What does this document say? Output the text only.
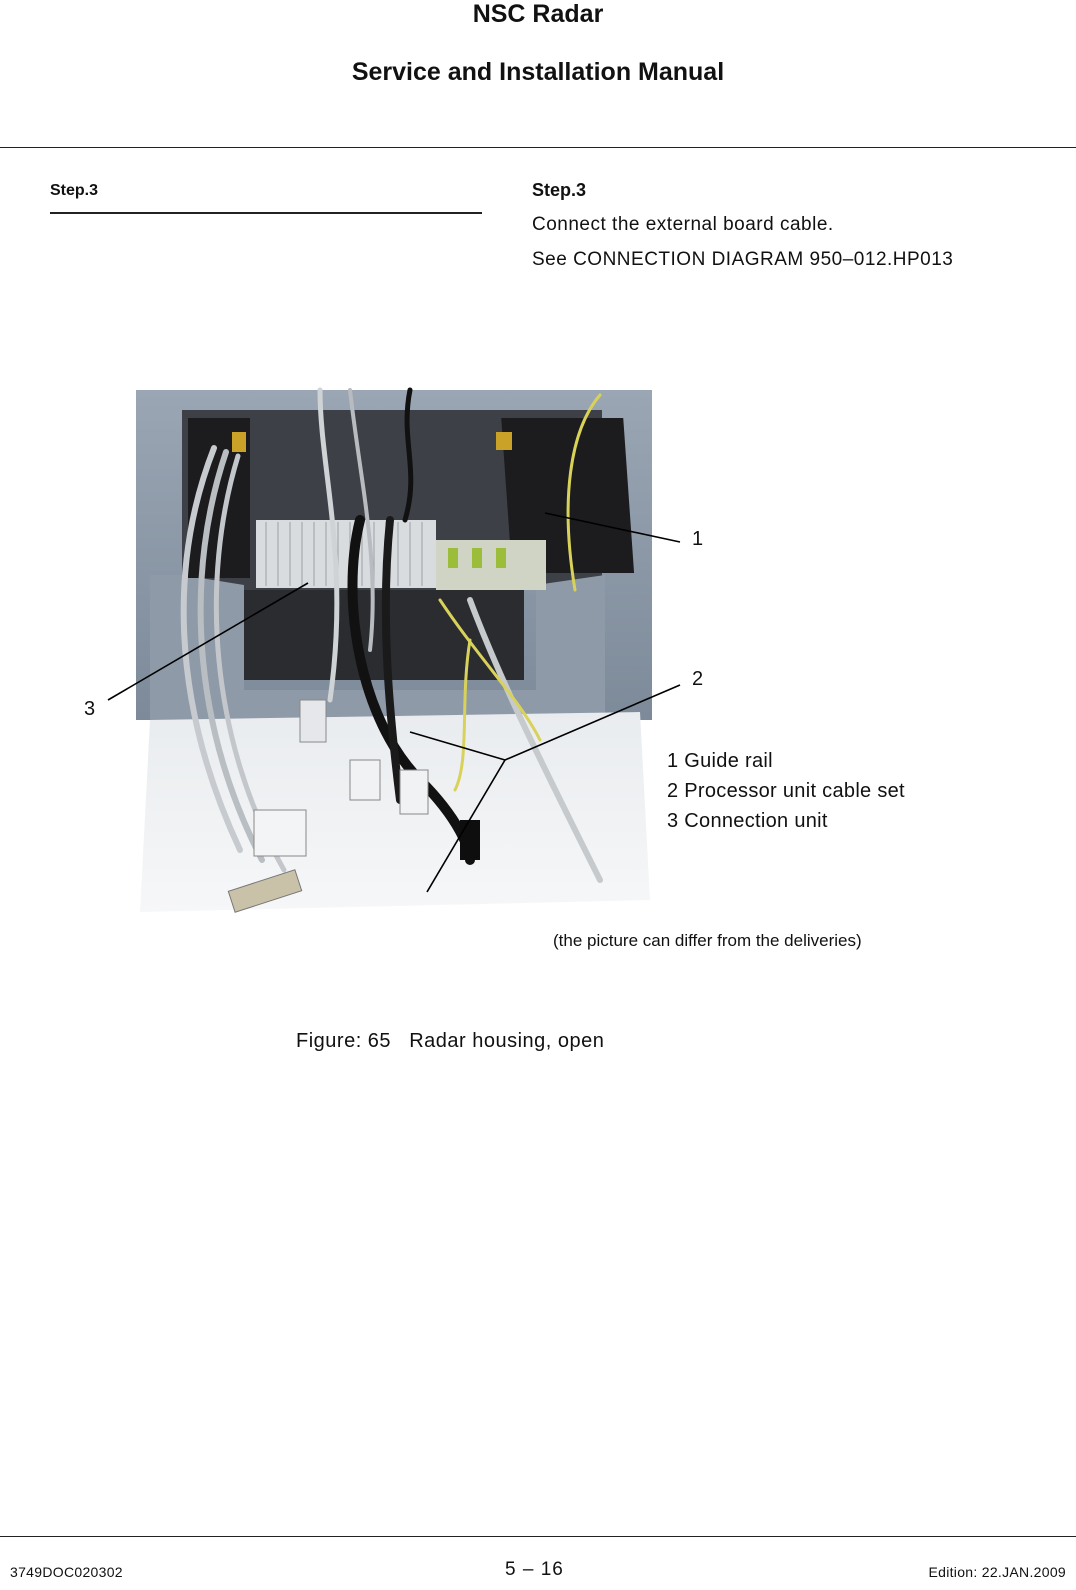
NSC Radar
Service and Installation Manual
Step.3	Step.3
Connect the external board cable.
See CONNECTION DIAGRAM 950–012.HP013
1
2
3
1 Guide rail
2 Processor unit cable set
3 Connection unit
(the picture can differ from the deliveries)
Figure: 65   Radar housing, open
3749DOC020302	5 – 16	Edition: 22.JAN.2009
